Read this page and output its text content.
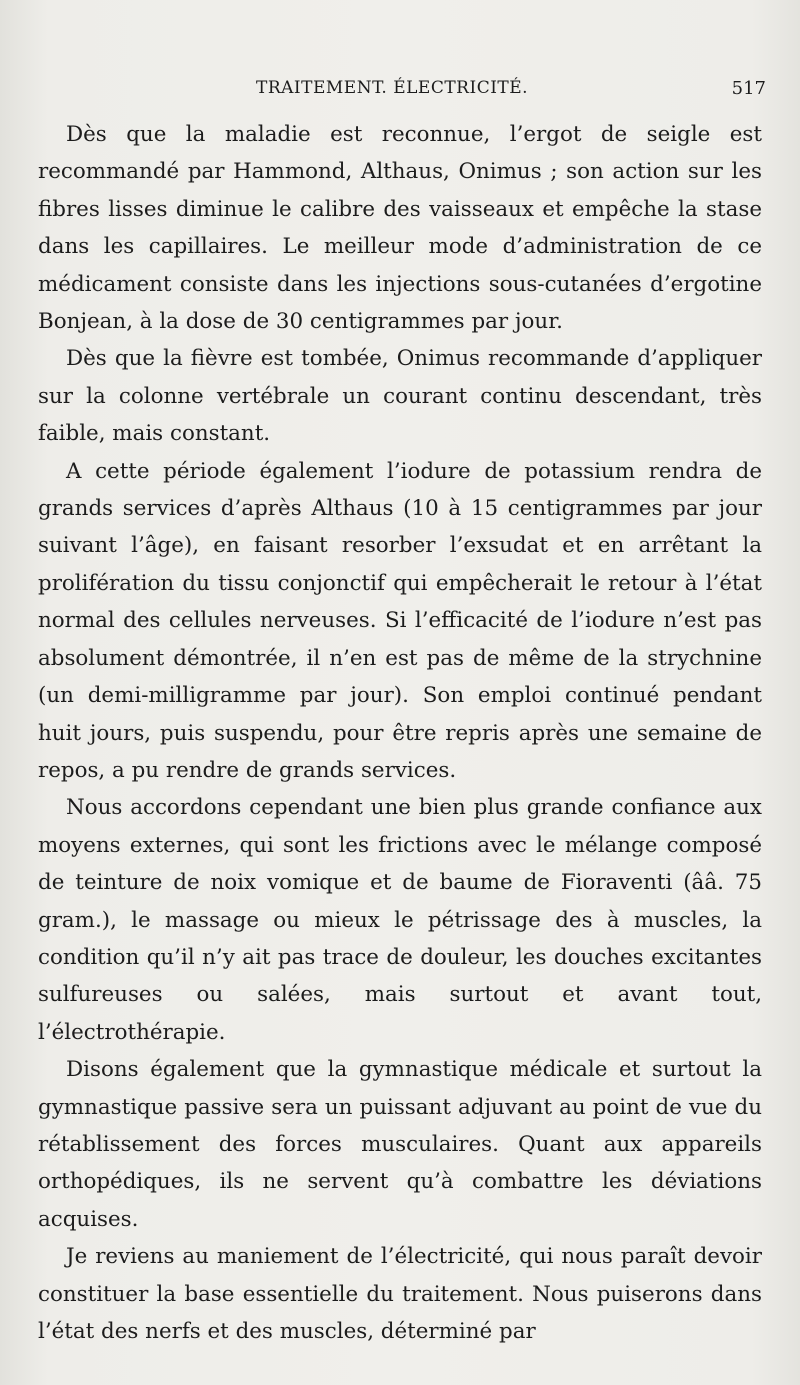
TRAITEMENT. ÉLECTRICITÉ.	517

Dès que la maladie est reconnue, l’ergot de seigle est recommandé par Hammond, Althaus, Onimus ; son action sur les fibres lisses diminue le calibre des vaisseaux et empêche la stase dans les capillaires. Le meilleur mode d’administration de ce médicament consiste dans les injections sous-cutanées d’ergotine Bonjean, à la dose de 30 centigrammes par jour.

Dès que la fièvre est tombée, Onimus recommande d’appliquer sur la colonne vertébrale un courant continu descendant, très faible, mais constant.

A cette période également l’iodure de potassium rendra de grands services d’après Althaus (10 à 15 centigrammes par jour suivant l’âge), en faisant resorber l’exsudat et en arrêtant la prolifération du tissu conjonctif qui empêcherait le retour à l’état normal des cellules nerveuses. Si l’efficacité de l’iodure n’est pas absolument démontrée, il n’en est pas de même de la strychnine (un demi-milligramme par jour). Son emploi continué pendant huit jours, puis suspendu, pour être repris après une semaine de repos, a pu rendre de grands services.

Nous accordons cependant une bien plus grande confiance aux moyens externes, qui sont les frictions avec le mélange composé de teinture de noix vomique et de baume de Fioraventi (ââ. 75 gram.), le massage ou mieux le pétrissage des à muscles, la condition qu’il n’y ait pas trace de douleur, les douches excitantes sulfureuses ou salées, mais surtout et avant tout, l’électrothérapie.

Disons également que la gymnastique médicale et surtout la gymnastique passive sera un puissant adjuvant au point de vue du rétablissement des forces musculaires. Quant aux appareils orthopédiques, ils ne servent qu’à combattre les déviations acquises.

Je reviens au maniement de l’électricité, qui nous paraît devoir constituer la base essentielle du traitement. Nous puiserons dans l’état des nerfs et des muscles, déterminé par
